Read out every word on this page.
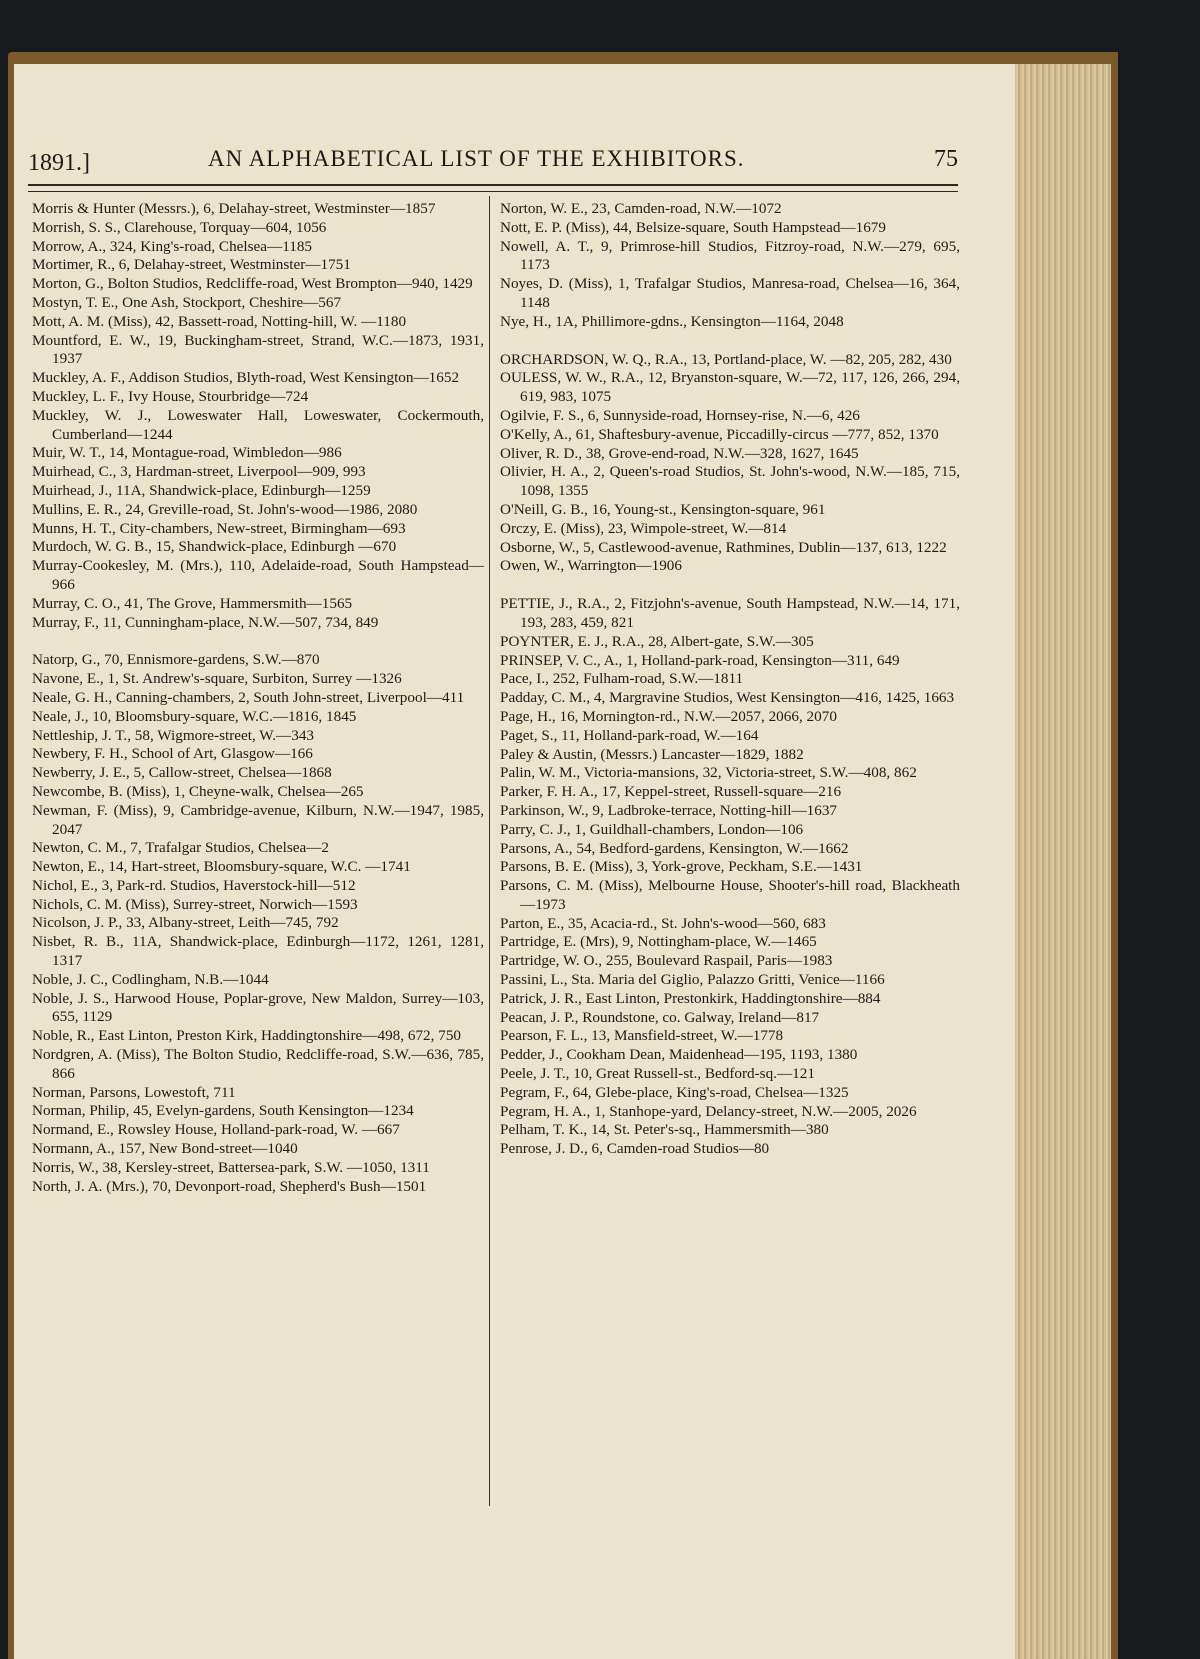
1891.]	AN ALPHABETICAL LIST OF THE EXHIBITORS.	75
Morris & Hunter (Messrs.), 6, Delahay-street, Westminster—1857
Morrish, S. S., Clarehouse, Torquay—604, 1056
Morrow, A., 324, King's-road, Chelsea—1185
Mortimer, R., 6, Delahay-street, Westminster—1751
Morton, G., Bolton Studios, Redcliffe-road, West Brompton—940, 1429
Mostyn, T. E., One Ash, Stockport, Cheshire—567
Mott, A. M. (Miss), 42, Bassett-road, Notting-hill, W. —1180
Mountford, E. W., 19, Buckingham-street, Strand, W.C.—1873, 1931, 1937
Muckley, A. F., Addison Studios, Blyth-road, West Kensington—1652
Muckley, L. F., Ivy House, Stourbridge—724
Muckley, W. J., Loweswater Hall, Loweswater, Cockermouth, Cumberland—1244
Muir, W. T., 14, Montague-road, Wimbledon—986
Muirhead, C., 3, Hardman-street, Liverpool—909, 993
Muirhead, J., 11A, Shandwick-place, Edinburgh—1259
Mullins, E. R., 24, Greville-road, St. John's-wood—1986, 2080
Munns, H. T., City-chambers, New-street, Birmingham—693
Murdoch, W. G. B., 15, Shandwick-place, Edinburgh —670
Murray-Cookesley, M. (Mrs.), 110, Adelaide-road, South Hampstead—966
Murray, C. O., 41, The Grove, Hammersmith—1565
Murray, F., 11, Cunningham-place, N.W.—507, 734, 849
Natorp, G., 70, Ennismore-gardens, S.W.—870
Navone, E., 1, St. Andrew's-square, Surbiton, Surrey —1326
Neale, G. H., Canning-chambers, 2, South John-street, Liverpool—411
Neale, J., 10, Bloomsbury-square, W.C.—1816, 1845
Nettleship, J. T., 58, Wigmore-street, W.—343
Newbery, F. H., School of Art, Glasgow—166
Newberry, J. E., 5, Callow-street, Chelsea—1868
Newcombe, B. (Miss), 1, Cheyne-walk, Chelsea—265
Newman, F. (Miss), 9, Cambridge-avenue, Kilburn, N.W.—1947, 1985, 2047
Newton, C. M., 7, Trafalgar Studios, Chelsea—2
Newton, E., 14, Hart-street, Bloomsbury-square, W.C. —1741
Nichol, E., 3, Park-rd. Studios, Haverstock-hill—512
Nichols, C. M. (Miss), Surrey-street, Norwich—1593
Nicolson, J. P., 33, Albany-street, Leith—745, 792
Nisbet, R. B., 11A, Shandwick-place, Edinburgh—1172, 1261, 1281, 1317
Noble, J. C., Codlingham, N.B.—1044
Noble, J. S., Harwood House, Poplar-grove, New Maldon, Surrey—103, 655, 1129
Noble, R., East Linton, Preston Kirk, Haddingtonshire—498, 672, 750
Nordgren, A. (Miss), The Bolton Studio, Redcliffe-road, S.W.—636, 785, 866
Norman, Parsons, Lowestoft, 711
Norman, Philip, 45, Evelyn-gardens, South Kensington—1234
Normand, E., Rowsley House, Holland-park-road, W. —667
Normann, A., 157, New Bond-street—1040
Norris, W., 38, Kersley-street, Battersea-park, S.W. —1050, 1311
North, J. A. (Mrs.), 70, Devonport-road, Shepherd's Bush—1501
Norton, W. E., 23, Camden-road, N.W.—1072
Nott, E. P. (Miss), 44, Belsize-square, South Hampstead—1679
Nowell, A. T., 9, Primrose-hill Studios, Fitzroy-road, N.W.—279, 695, 1173
Noyes, D. (Miss), 1, Trafalgar Studios, Manresa-road, Chelsea—16, 364, 1148
Nye, H., 1A, Phillimore-gdns., Kensington—1164, 2048
ORCHARDSON, W. Q., R.A., 13, Portland-place, W. —82, 205, 282, 430
OULESS, W. W., R.A., 12, Bryanston-square, W.—72, 117, 126, 266, 294, 619, 983, 1075
Ogilvie, F. S., 6, Sunnyside-road, Hornsey-rise, N.—6, 426
O'Kelly, A., 61, Shaftesbury-avenue, Piccadilly-circus —777, 852, 1370
Oliver, R. D., 38, Grove-end-road, N.W.—328, 1627, 1645
Olivier, H. A., 2, Queen's-road Studios, St. John's-wood, N.W.—185, 715, 1098, 1355
O'Neill, G. B., 16, Young-st., Kensington-square, 961
Orczy, E. (Miss), 23, Wimpole-street, W.—814
Osborne, W., 5, Castlewood-avenue, Rathmines, Dublin—137, 613, 1222
Owen, W., Warrington—1906
PETTIE, J., R.A., 2, Fitzjohn's-avenue, South Hampstead, N.W.—14, 171, 193, 283, 459, 821
POYNTER, E. J., R.A., 28, Albert-gate, S.W.—305
PRINSEP, V. C., A., 1, Holland-park-road, Kensington—311, 649
Pace, I., 252, Fulham-road, S.W.—1811
Padday, C. M., 4, Margravine Studios, West Kensington—416, 1425, 1663
Page, H., 16, Mornington-rd., N.W.—2057, 2066, 2070
Paget, S., 11, Holland-park-road, W.—164
Paley & Austin, (Messrs.) Lancaster—1829, 1882
Palin, W. M., Victoria-mansions, 32, Victoria-street, S.W.—408, 862
Parker, F. H. A., 17, Keppel-street, Russell-square—216
Parkinson, W., 9, Ladbroke-terrace, Notting-hill—1637
Parry, C. J., 1, Guildhall-chambers, London—106
Parsons, A., 54, Bedford-gardens, Kensington, W.—1662
Parsons, B. E. (Miss), 3, York-grove, Peckham, S.E.—1431
Parsons, C. M. (Miss), Melbourne House, Shooter's-hill road, Blackheath—1973
Parton, E., 35, Acacia-rd., St. John's-wood—560, 683
Partridge, E. (Mrs), 9, Nottingham-place, W.—1465
Partridge, W. O., 255, Boulevard Raspail, Paris—1983
Passini, L., Sta. Maria del Giglio, Palazzo Gritti, Venice—1166
Patrick, J. R., East Linton, Prestonkirk, Haddingtonshire—884
Peacan, J. P., Roundstone, co. Galway, Ireland—817
Pearson, F. L., 13, Mansfield-street, W.—1778
Pedder, J., Cookham Dean, Maidenhead—195, 1193, 1380
Peele, J. T., 10, Great Russell-st., Bedford-sq.—121
Pegram, F., 64, Glebe-place, King's-road, Chelsea—1325
Pegram, H. A., 1, Stanhope-yard, Delancy-street, N.W.—2005, 2026
Pelham, T. K., 14, St. Peter's-sq., Hammersmith—380
Penrose, J. D., 6, Camden-road Studios—80
